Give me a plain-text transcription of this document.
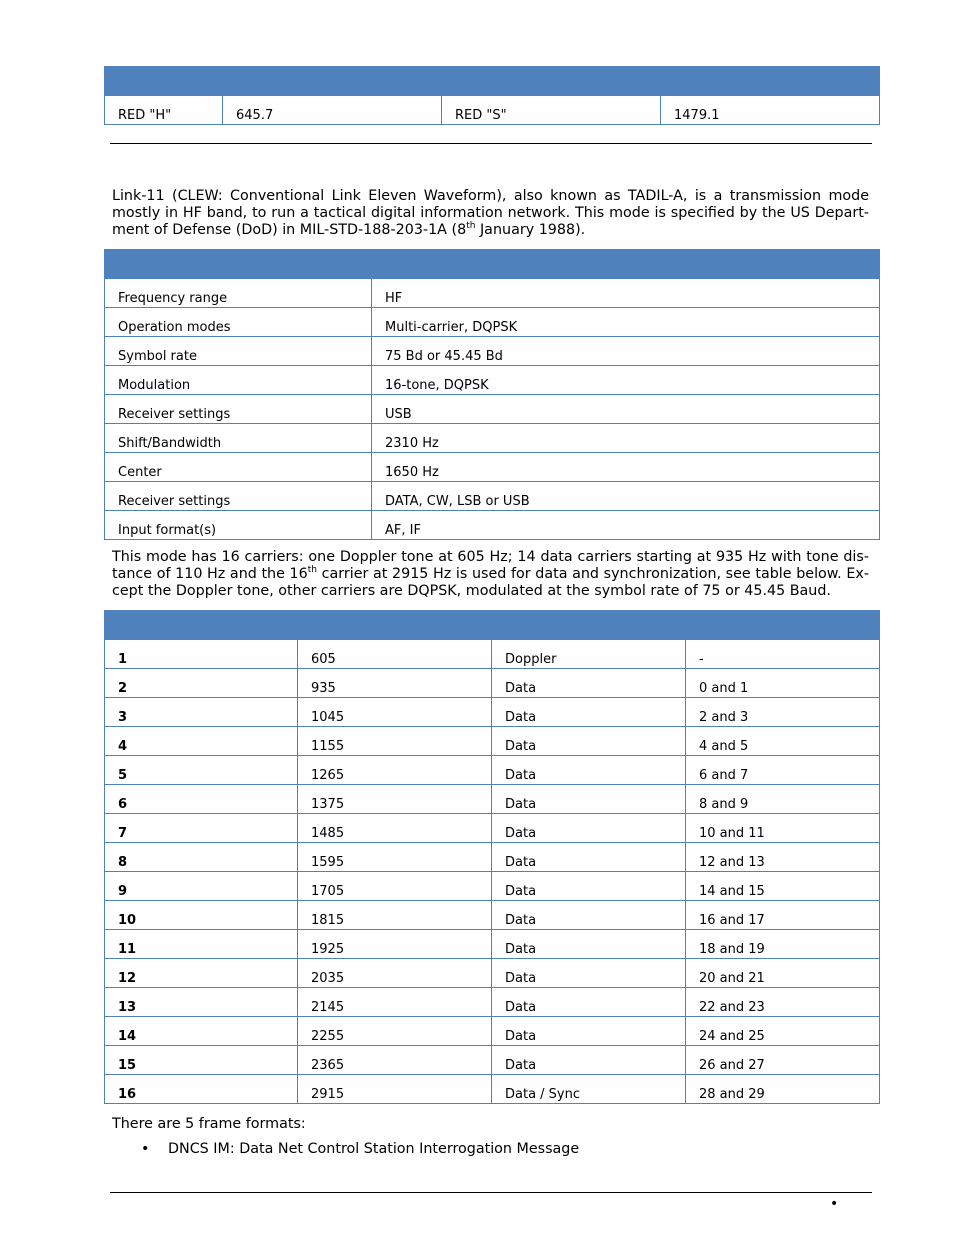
RED "H"	645.7	RED "S"	1479.1

Link-11 (CLEW: Conventional Link Eleven Waveform), also known as TADIL-A, is a transmission mode mostly in HF band, to run a tactical digital information network. This mode is specified by the US Depart-ment of Defense (DoD) in MIL-STD-188-203-1A (8th January 1988).

Frequency range	HF
Operation modes	Multi-carrier, DQPSK
Symbol rate	75 Bd or 45.45 Bd
Modulation	16-tone, DQPSK
Receiver settings	USB
Shift/Bandwidth	2310 Hz
Center	1650 Hz
Receiver settings	DATA, CW, LSB or USB
Input format(s)	AF, IF

This mode has 16 carriers: one Doppler tone at 605 Hz; 14 data carriers starting at 935 Hz with tone dis-tance of 110 Hz and the 16th carrier at 2915 Hz is used for data and synchronization, see table below. Ex-cept the Doppler tone, other carriers are DQPSK, modulated at the symbol rate of 75 or 45.45 Baud.

1	605	Doppler	-
2	935	Data	0 and 1
3	1045	Data	2 and 3
4	1155	Data	4 and 5
5	1265	Data	6 and 7
6	1375	Data	8 and 9
7	1485	Data	10 and 11
8	1595	Data	12 and 13
9	1705	Data	14 and 15
10	1815	Data	16 and 17
11	1925	Data	18 and 19
12	2035	Data	20 and 21
13	2145	Data	22 and 23
14	2255	Data	24 and 25
15	2365	Data	26 and 27
16	2915	Data / Sync	28 and 29

There are 5 frame formats:

• DNCS IM: Data Net Control Station Interrogation Message
•
